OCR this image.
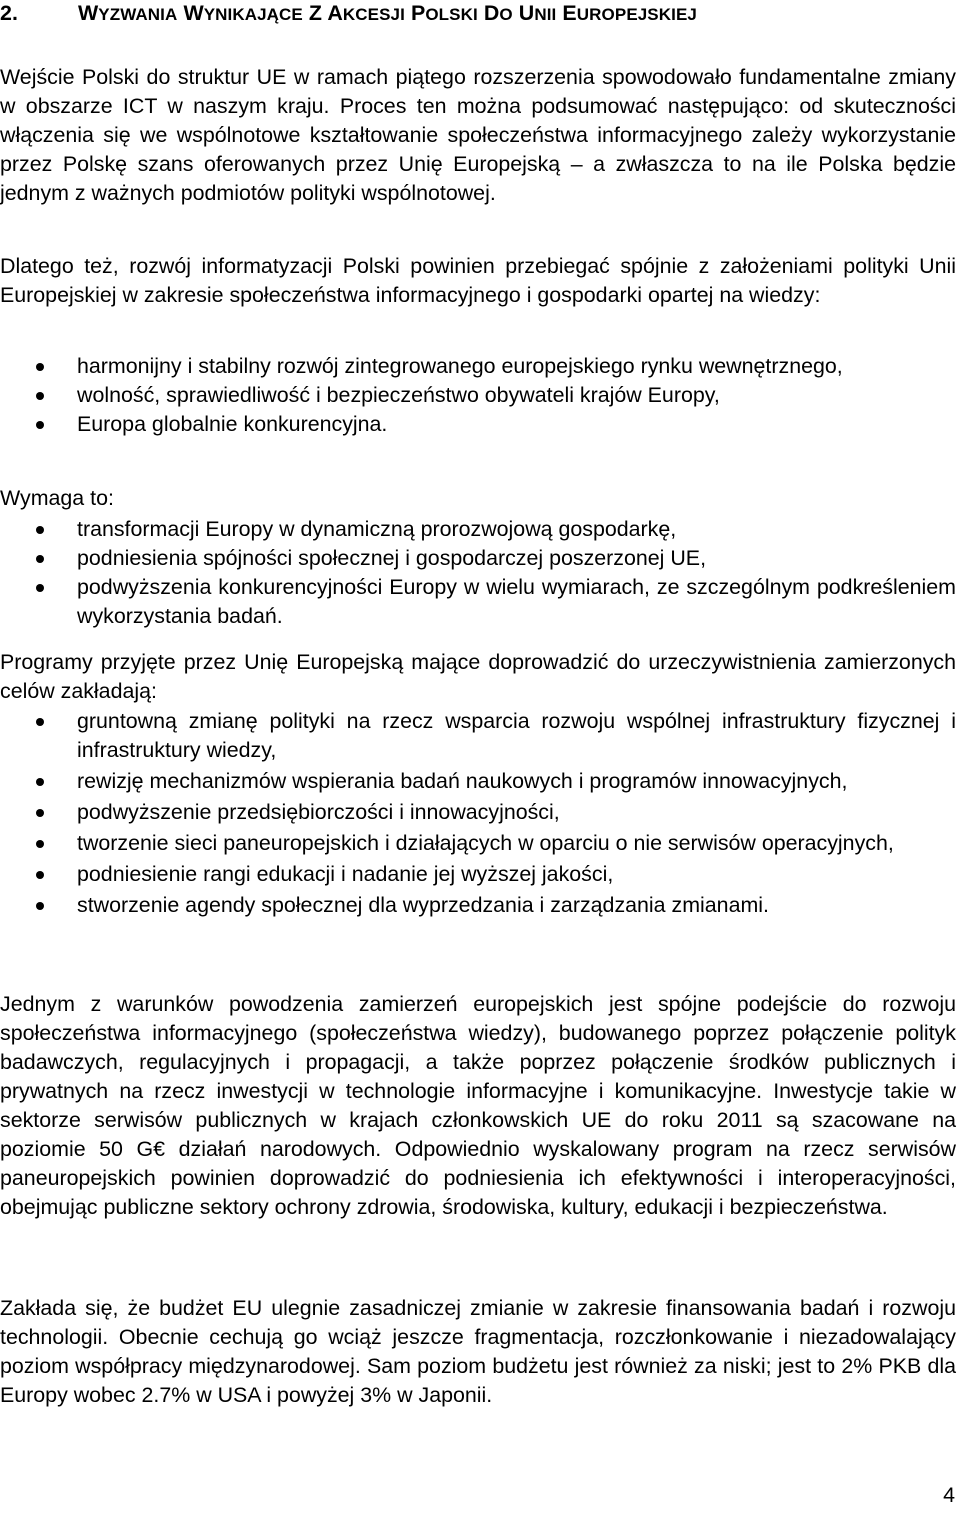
2.	WYZWANIA WYNIKAJĄCE Z AKCESJI POLSKI DO UNII EUROPEJSKIEJ

Wejście Polski do struktur UE w ramach piątego rozszerzenia spowodowało fundamentalne zmiany w obszarze ICT w naszym kraju. Proces ten można podsumować następująco: od skuteczności włączenia się we wspólnotowe kształtowanie społeczeństwa informacyjnego zależy wykorzystanie przez Polskę szans oferowanych przez Unię Europejską – a zwłaszcza to na ile Polska będzie jednym z ważnych podmiotów polityki wspólnotowej.

Dlatego też, rozwój informatyzacji Polski powinien przebiegać spójnie z założeniami polityki Unii Europejskiej w zakresie społeczeństwa informacyjnego i gospodarki opartej na wiedzy:

harmonijny i stabilny rozwój zintegrowanego europejskiego rynku wewnętrznego,
wolność, sprawiedliwość i bezpieczeństwo obywateli krajów Europy,
Europa globalnie konkurencyjna.

Wymaga to:

transformacji Europy w dynamiczną prorozwojową gospodarkę,
podniesienia spójności społecznej i gospodarczej poszerzonej UE,
podwyższenia konkurencyjności Europy w wielu wymiarach, ze szczególnym podkreśleniem wykorzystania badań.

Programy przyjęte przez Unię Europejską mające doprowadzić do urzeczywistnienia zamierzonych celów zakładają:

gruntowną zmianę polityki na rzecz wsparcia rozwoju wspólnej infrastruktury fizycznej i infrastruktury wiedzy,
rewizję mechanizmów wspierania badań naukowych i programów innowacyjnych,
podwyższenie przedsiębiorczości i innowacyjności,
tworzenie sieci paneuropejskich i działających w oparciu o nie serwisów operacyjnych,
podniesienie rangi edukacji i nadanie jej wyższej jakości,
stworzenie agendy społecznej dla wyprzedzania i zarządzania zmianami.

Jednym z warunków powodzenia zamierzeń europejskich jest spójne podejście do rozwoju społeczeństwa informacyjnego (społeczeństwa wiedzy), budowanego poprzez połączenie polityk badawczych, regulacyjnych i propagacji, a także poprzez połączenie środków publicznych i prywatnych na rzecz inwestycji w technologie informacyjne i komunikacyjne. Inwestycje takie w sektorze serwisów publicznych w krajach członkowskich UE do roku 2011 są szacowane na poziomie 50 G€ działań narodowych. Odpowiednio wyskalowany program na rzecz serwisów paneuropejskich powinien doprowadzić do podniesienia ich efektywności i interoperacyjności, obejmując publiczne sektory ochrony zdrowia, środowiska, kultury, edukacji i bezpieczeństwa.

Zakłada się, że budżet EU ulegnie zasadniczej zmianie w zakresie finansowania badań i rozwoju technologii. Obecnie cechują go wciąż jeszcze fragmentacja, rozczłonkowanie i niezadowalający poziom współpracy międzynarodowej. Sam poziom budżetu jest również za niski; jest to 2% PKB dla Europy wobec 2.7% w USA i powyżej 3% w Japonii.

4
